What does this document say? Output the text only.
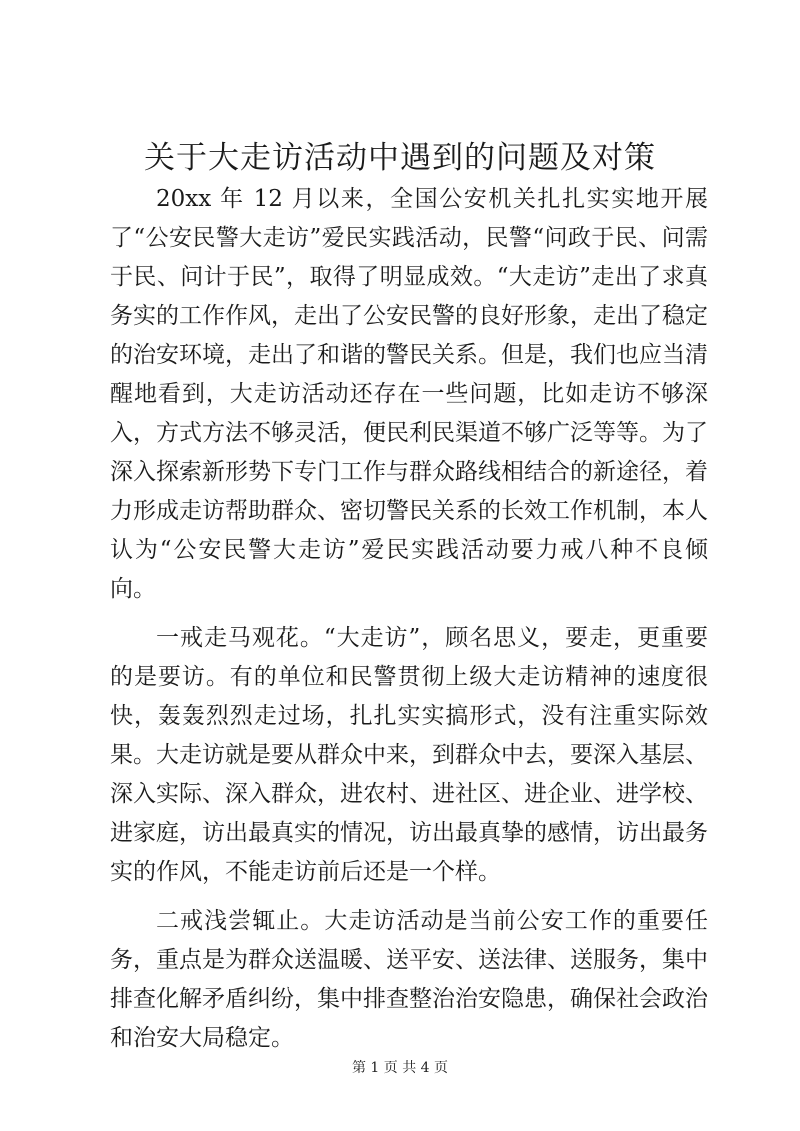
关于大走访活动中遇到的问题及对策

20xx 年 12 月以来，全国公安机关扎扎实实地开展了“公安民警大走访”爱民实践活动，民警“问政于民、问需于民、问计于民”，取得了明显成效。“大走访”走出了求真务实的工作作风，走出了公安民警的良好形象，走出了稳定的治安环境，走出了和谐的警民关系。但是，我们也应当清醒地看到，大走访活动还存在一些问题，比如走访不够深入，方式方法不够灵活，便民利民渠道不够广泛等等。为了深入探索新形势下专门工作与群众路线相结合的新途径，着力形成走访帮助群众、密切警民关系的长效工作机制，本人认为“公安民警大走访”爱民实践活动要力戒八种不良倾向。

一戒走马观花。“大走访”，顾名思义，要走，更重要的是要访。有的单位和民警贯彻上级大走访精神的速度很快，轰轰烈烈走过场，扎扎实实搞形式，没有注重实际效果。大走访就是要从群众中来，到群众中去，要深入基层、深入实际、深入群众，进农村、进社区、进企业、进学校、进家庭，访出最真实的情况，访出最真挚的感情，访出最务实的作风，不能走访前后还是一个样。

二戒浅尝辄止。大走访活动是当前公安工作的重要任务，重点是为群众送温暖、送平安、送法律、送服务，集中排查化解矛盾纠纷，集中排查整治治安隐患，确保社会政治和治安大局稳定。

第 1 页 共 4 页
